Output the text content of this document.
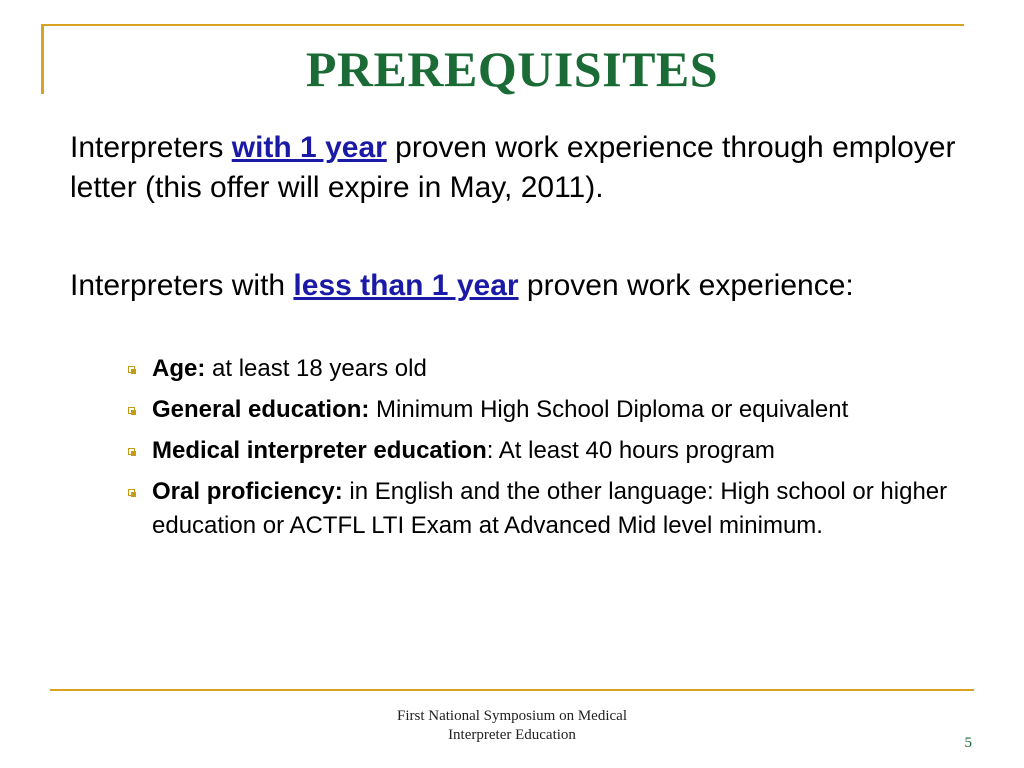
PREREQUISITES
Interpreters with 1 year proven work experience through employer letter (this offer will expire in May, 2011).
Interpreters with less than 1 year proven work experience:
Age: at least 18 years old
General education: Minimum High School Diploma or equivalent
Medical interpreter education: At least 40 hours program
Oral proficiency: in English and the other language: High school or higher education or ACTFL LTI Exam at Advanced Mid level minimum.
First National Symposium on Medical
Interpreter Education	5
